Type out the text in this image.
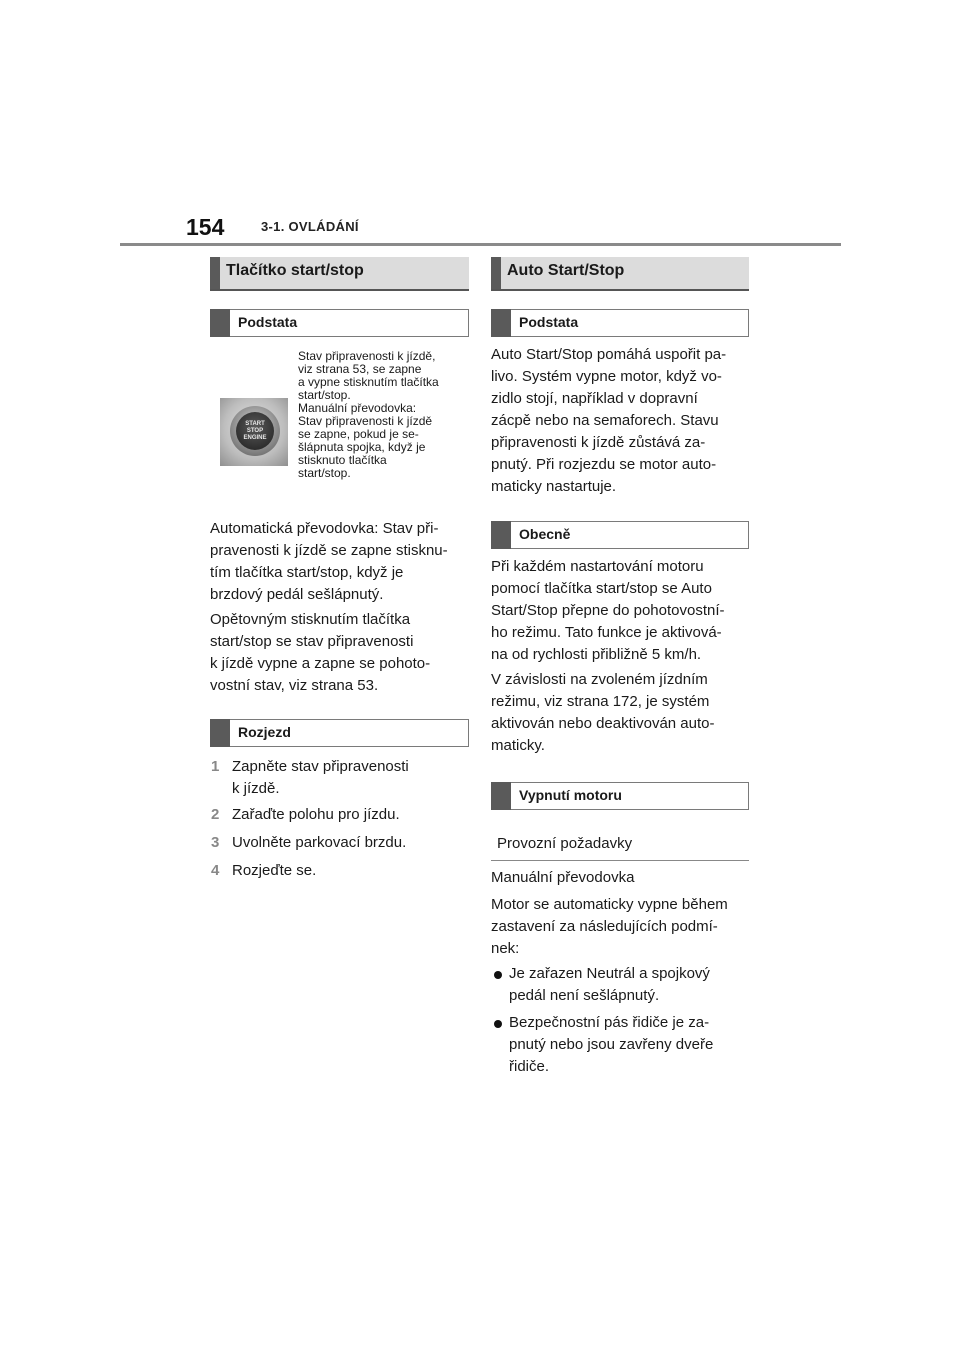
154	3-1. OVLÁDÁNÍ
Tlačítko start/stop
Podstata
START
STOP
ENGINE
Stav připravenosti k jízdě,
viz strana 53, se zapne
a vypne stisknutím tlačítka
start/stop.
Manuální převodovka:
Stav připravenosti k jízdě
se zapne, pokud je se-
šlápnuta spojka, když je
stisknuto tlačítka
start/stop.
Automatická převodovka: Stav při-
pravenosti k jízdě se zapne stisknu-
tím tlačítka start/stop, když je
brzdový pedál sešlápnutý.
Opětovným stisknutím tlačítka
start/stop se stav připravenosti
k jízdě vypne a zapne se pohoto-
vostní stav, viz strana 53.
Rozjezd
1 Zapněte stav připravenosti
k jízdě.
2 Zařaďte polohu pro jízdu.
3 Uvolněte parkovací brzdu.
4 Rozjeďte se.
Auto Start/Stop
Podstata
Auto Start/Stop pomáhá uspořit pa-
livo. Systém vypne motor, když vo-
zidlo stojí, například v dopravní
zácpě nebo na semaforech. Stavu
připravenosti k jízdě zůstává za-
pnutý. Při rozjezdu se motor auto-
maticky nastartuje.
Obecně
Při každém nastartování motoru
pomocí tlačítka start/stop se Auto
Start/Stop přepne do pohotovostní-
ho režimu. Tato funkce je aktivová-
na od rychlosti přibližně 5 km/h.
V závislosti na zvoleném jízdním
režimu, viz strana 172, je systém
aktivován nebo deaktivován auto-
maticky.
Vypnutí motoru
Provozní požadavky
Manuální převodovka
Motor se automaticky vypne během
zastavení za následujících podmí-
nek:
Je zařazen Neutrál a spojkový
pedál není sešlápnutý.
Bezpečnostní pás řidiče je za-
pnutý nebo jsou zavřeny dveře
řidiče.
